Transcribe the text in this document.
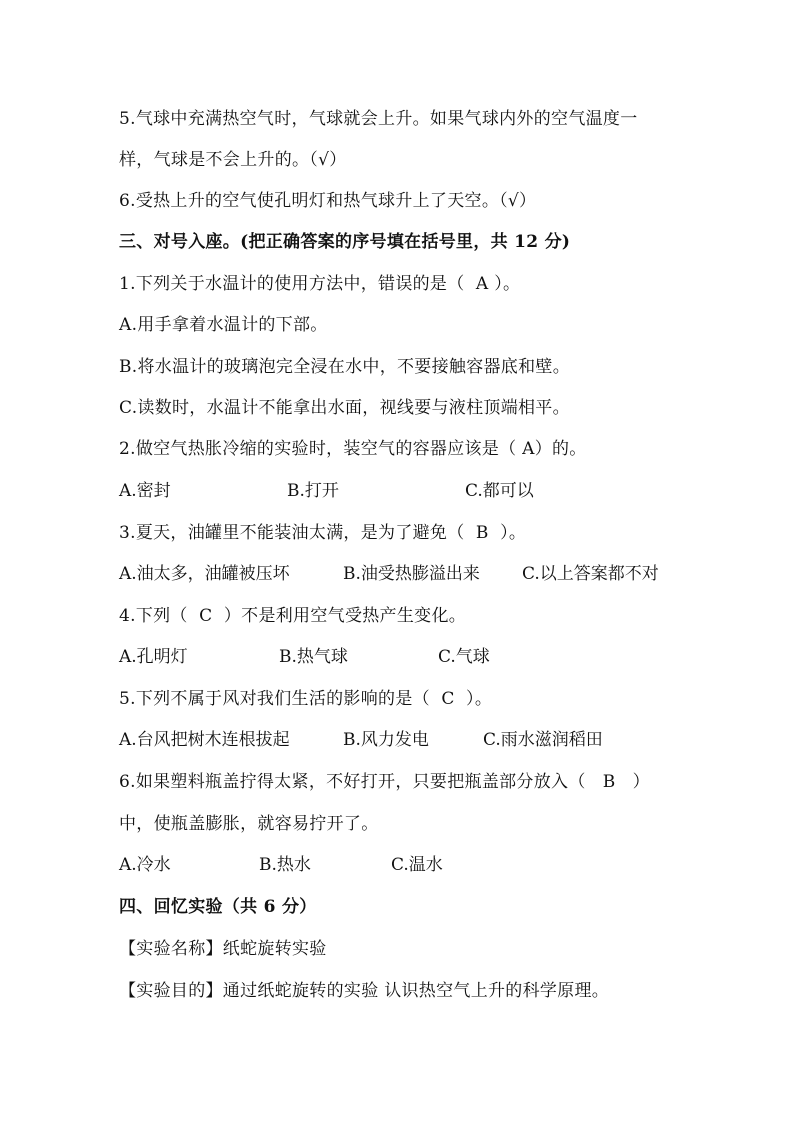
5.气球中充满热空气时，气球就会上升。如果气球内外的空气温度一
样，气球是不会上升的。（√）
6.受热上升的空气使孔明灯和热气球升上了天空。（√）
三、对号入座。(把正确答案的序号填在括号里，共 12 分)
1.下列关于水温计的使用方法中，错误的是（  A ）。
A.用手拿着水温计的下部。
B.将水温计的玻璃泡完全浸在水中，不要接触容器底和壁。
C.读数时，水温计不能拿出水面，视线要与液柱顶端相平。
2.做空气热胀冷缩的实验时，装空气的容器应该是（ A）的。

A.密封

	B.打开

	C.都可以

3.夏天，油罐里不能装油太满，是为了避免（  B  ）。

A.油太多，油罐被压坏

	B.油受热膨溢出来

C.以上答案都不对

4.下列（  C  ）不是利用空气受热产生变化。

A.孔明灯

	B.热气球

	C.气球

5.下列不属于风对我们生活的影响的是（  C  ）。

A.台风把树木连根拔起

	B.风力发电

	C.雨水滋润稻田

6.如果塑料瓶盖拧得太紧，不好打开，只要把瓶盖部分放入（   B   ）
中，使瓶盖膨胀，就容易拧开了。

A.冷水

	B.热水

	C.温水

四、回忆实验（共 6 分）
【实验名称】纸蛇旋转实验
【实验目的】通过纸蛇旋转的实验 认识热空气上升的科学原理。
